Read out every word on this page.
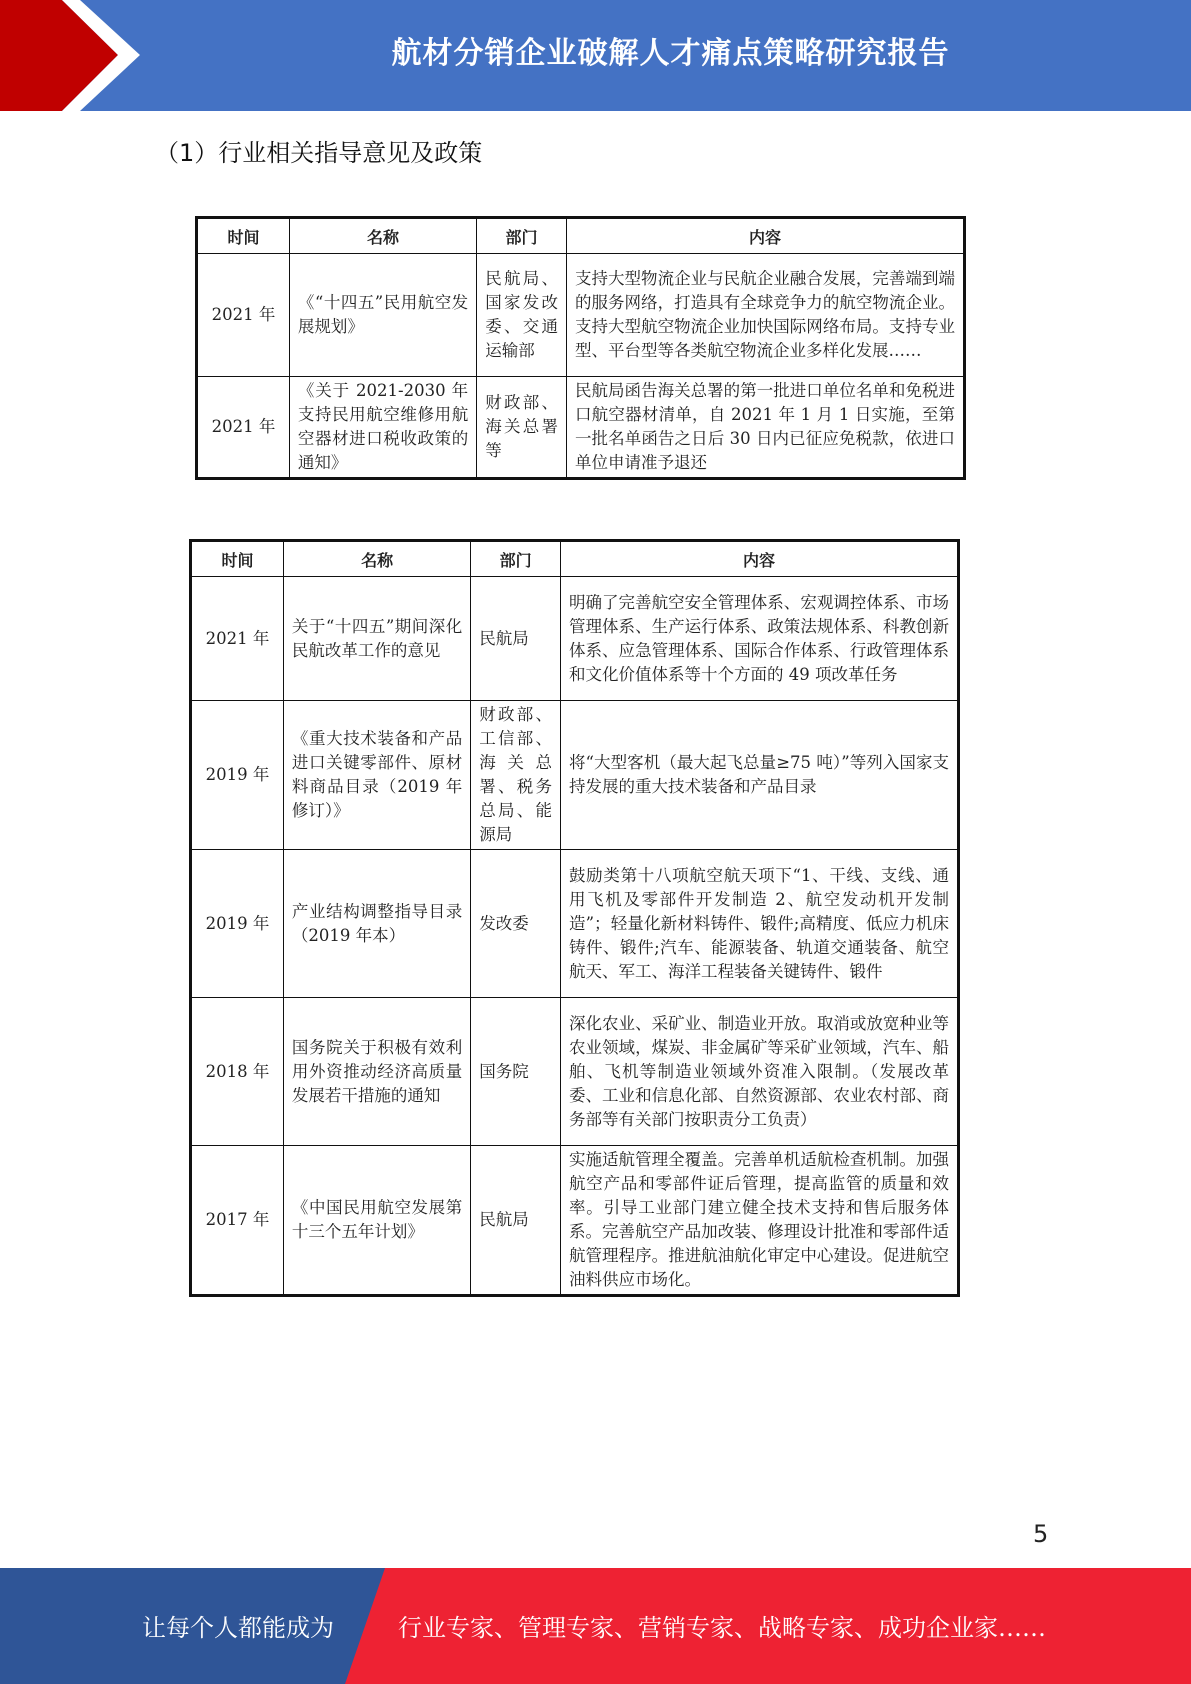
航材分销企业破解人才痛点策略研究报告
（1）行业相关指导意见及政策
时间	名称	部门	内容
2021 年	《“十四五”民用航空发展规划》	民航局、国家发改委、交通运输部	支持大型物流企业与民航企业融合发展，完善端到端的服务网络，打造具有全球竞争力的航空物流企业。支持大型航空物流企业加快国际网络布局。支持专业型、平台型等各类航空物流企业多样化发展……
2021 年	《关于 2021-2030 年支持民用航空维修用航空器材进口税收政策的通知》	财政部、海关总署等	民航局函告海关总署的第一批进口单位名单和免税进口航空器材清单，自 2021 年 1 月 1 日实施，至第一批名单函告之日后 30 日内已征应免税款，依进口单位申请准予退还
时间	名称	部门	内容
2021 年	关于“十四五”期间深化民航改革工作的意见	民航局	明确了完善航空安全管理体系、宏观调控体系、市场管理体系、生产运行体系、政策法规体系、科教创新体系、应急管理体系、国际合作体系、行政管理体系和文化价值体系等十个方面的 49 项改革任务
2019 年	《重大技术装备和产品进口关键零部件、原材料商品目录（2019 年修订）》	财政部、工信部、海关总署、税务总局、能源局	将“大型客机（最大起飞总量≥75 吨）”等列入国家支持发展的重大技术装备和产品目录
2019 年	产业结构调整指导目录（2019 年本）	发改委	鼓励类第十八项航空航天项下“1、干线、支线、通用飞机及零部件开发制造 2、航空发动机开发制造”；轻量化新材料铸件、锻件;高精度、低应力机床铸件、锻件;汽车、能源装备、轨道交通装备、航空航天、军工、海洋工程装备关键铸件、锻件
2018 年	国务院关于积极有效利用外资推动经济高质量发展若干措施的通知	国务院	深化农业、采矿业、制造业开放。取消或放宽种业等农业领域，煤炭、非金属矿等采矿业领域，汽车、船舶、飞机等制造业领域外资准入限制。（发展改革委、工业和信息化部、自然资源部、农业农村部、商务部等有关部门按职责分工负责）
2017 年	《中国民用航空发展第十三个五年计划》	民航局	实施适航管理全覆盖。完善单机适航检查机制。加强航空产品和零部件证后管理，提高监管的质量和效率。引导工业部门建立健全技术支持和售后服务体系。完善航空产品加改装、修理设计批准和零部件适航管理程序。推进航油航化审定中心建设。促进航空油料供应市场化。
5
让每个人都能成为	行业专家、管理专家、营销专家、战略专家、成功企业家……
